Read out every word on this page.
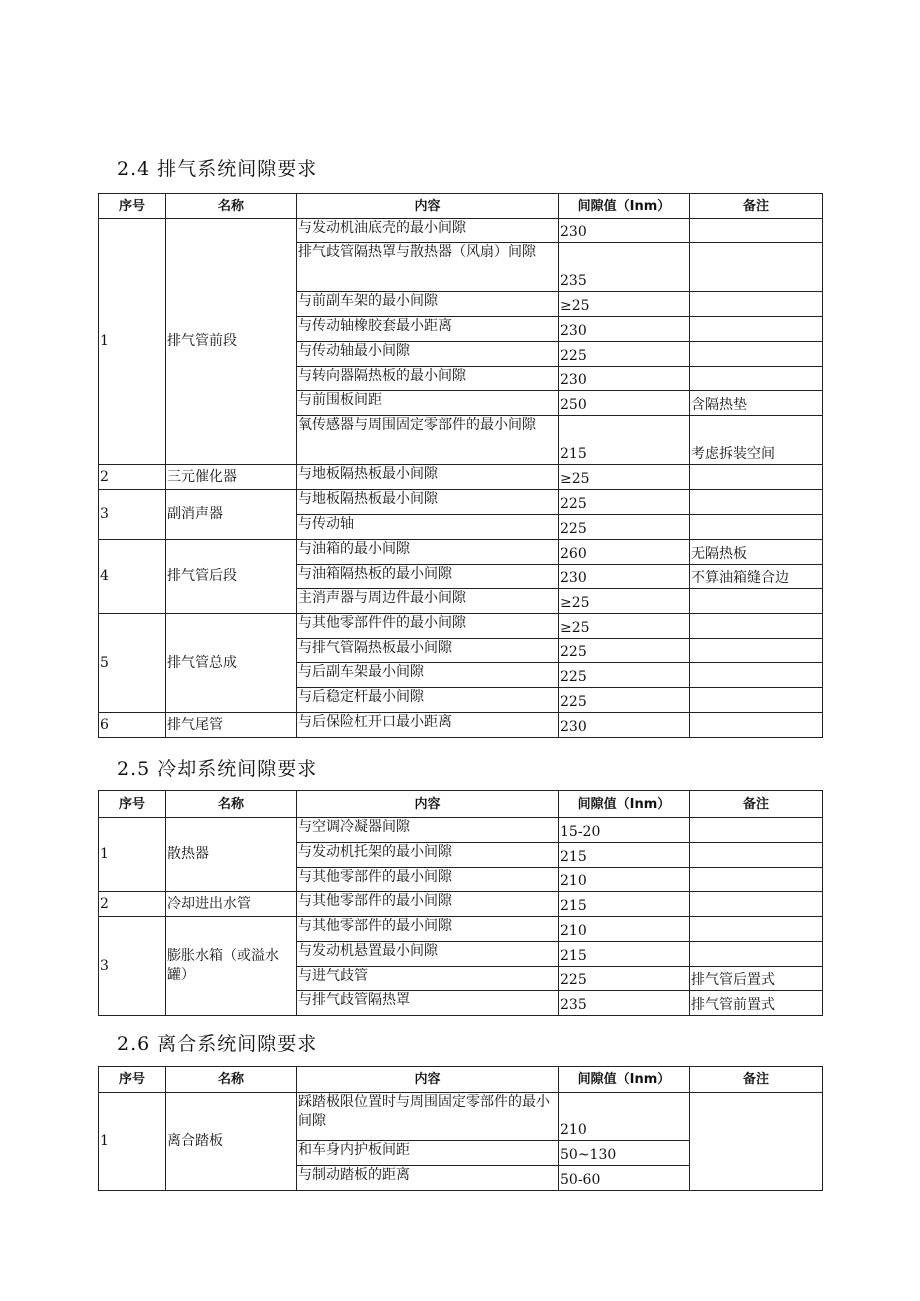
2.4 排气系统间隙要求
序号	名称	内容	间隙值（Inm）	备注
1	排气管前段	与发动机油底壳的最小间隙	230	
		排气歧管隔热罩与散热器（风扇）间隙	235	
		与前副车架的最小间隙	≥25	
		与传动轴橡胶套最小距离	230	
		与传动轴最小间隙	225	
		与转向器隔热板的最小间隙	230	
		与前围板间距	250	含隔热垫
		氧传感器与周围固定零部件的最小间隙	215	考虑拆装空间
2	三元催化器	与地板隔热板最小间隙	≥25	
3	副消声器	与地板隔热板最小间隙	225	
		与传动轴	225	
4	排气管后段	与油箱的最小间隙	260	无隔热板
		与油箱隔热板的最小间隙	230	不算油箱缝合边
		主消声器与周边件最小间隙	≥25	
5	排气管总成	与其他零部件件的最小间隙	≥25	
		与排气管隔热板最小间隙	225	
		与后副车架最小间隙	225	
		与后稳定杆最小间隙	225	
6	排气尾管	与后保险杠开口最小距离	230	
2.5 冷却系统间隙要求
序号	名称	内容	间隙值（Inm）	备注
1	散热器	与空调冷凝器间隙	15-20	
		与发动机托架的最小间隙	215	
		与其他零部件的最小间隙	210	
2	冷却进出水管	与其他零部件的最小间隙	215	
3	膨胀水箱（或溢水罐）	与其他零部件的最小间隙	210	
		与发动机悬置最小间隙	215	
		与进气歧管	225	排气管后置式
		与排气歧管隔热罩	235	排气管前置式
2.6 离合系统间隙要求
序号	名称	内容	间隙值（Inm）	备注
1	离合踏板	踩踏极限位置时与周围固定零部件的最小间隙	210	
		和车身内护板间距	50~130	
		与制动踏板的距离	50-60	
